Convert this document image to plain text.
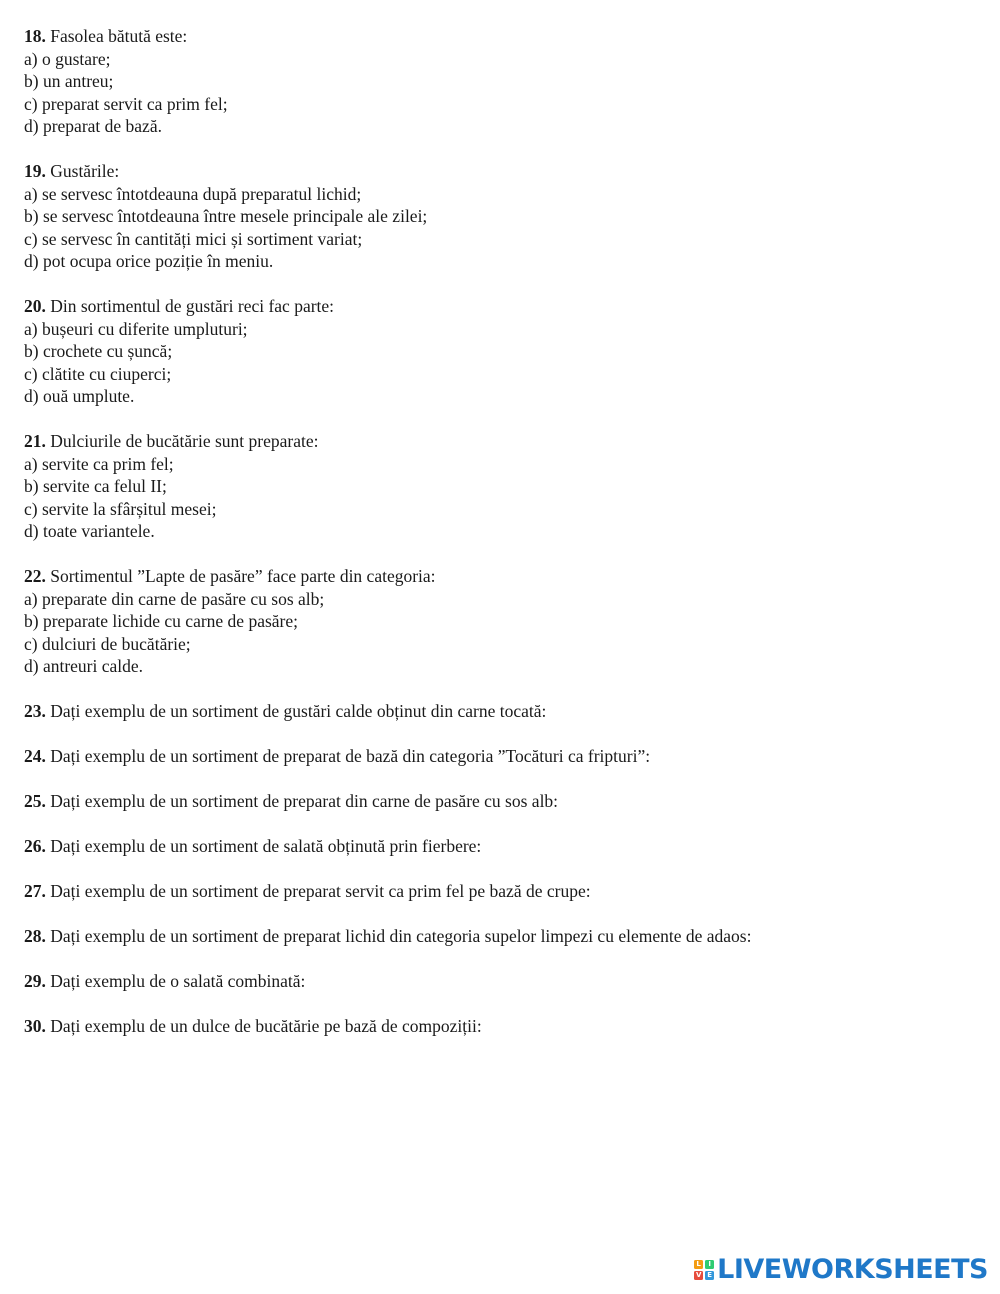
18. Fasolea bătută este:
a) o gustare;
b) un antreu;
c) preparat servit ca prim fel;
d) preparat de bază.
19. Gustările:
a) se servesc întotdeauna după preparatul lichid;
b) se servesc întotdeauna între mesele principale ale zilei;
c) se servesc în cantități mici și sortiment variat;
d) pot ocupa orice poziție în meniu.
20. Din sortimentul de gustări reci fac parte:
a) bușeuri cu diferite umpluturi;
b) crochete cu șuncă;
c) clătite cu ciuperci;
d) ouă umplute.
21. Dulciurile de bucătărie sunt preparate:
a) servite ca prim fel;
b) servite ca felul II;
c) servite la sfârșitul mesei;
d) toate variantele.
22. Sortimentul ”Lapte de pasăre” face parte din categoria:
a) preparate din carne de pasăre cu sos alb;
b) preparate lichide cu carne de pasăre;
c) dulciuri de bucătărie;
d) antreuri calde.
23. Dați exemplu de un sortiment de gustări calde obținut din carne tocată:
24. Dați exemplu de un sortiment de preparat de bază din categoria ”Tocături ca fripturi”:
25. Dați exemplu de un sortiment de preparat din carne de pasăre cu sos alb:
26. Dați exemplu de un sortiment de salată obținută prin fierbere:
27. Dați exemplu de un sortiment de preparat servit ca prim fel pe bază de crupe:
28. Dați exemplu de un sortiment de preparat lichid din categoria supelor limpezi cu elemente de adaos:
29. Dați exemplu de o salată combinată:
30. Dați exemplu de un dulce de bucătărie pe bază de compoziții:
L	I
V E LIVEWORKSHEETS
